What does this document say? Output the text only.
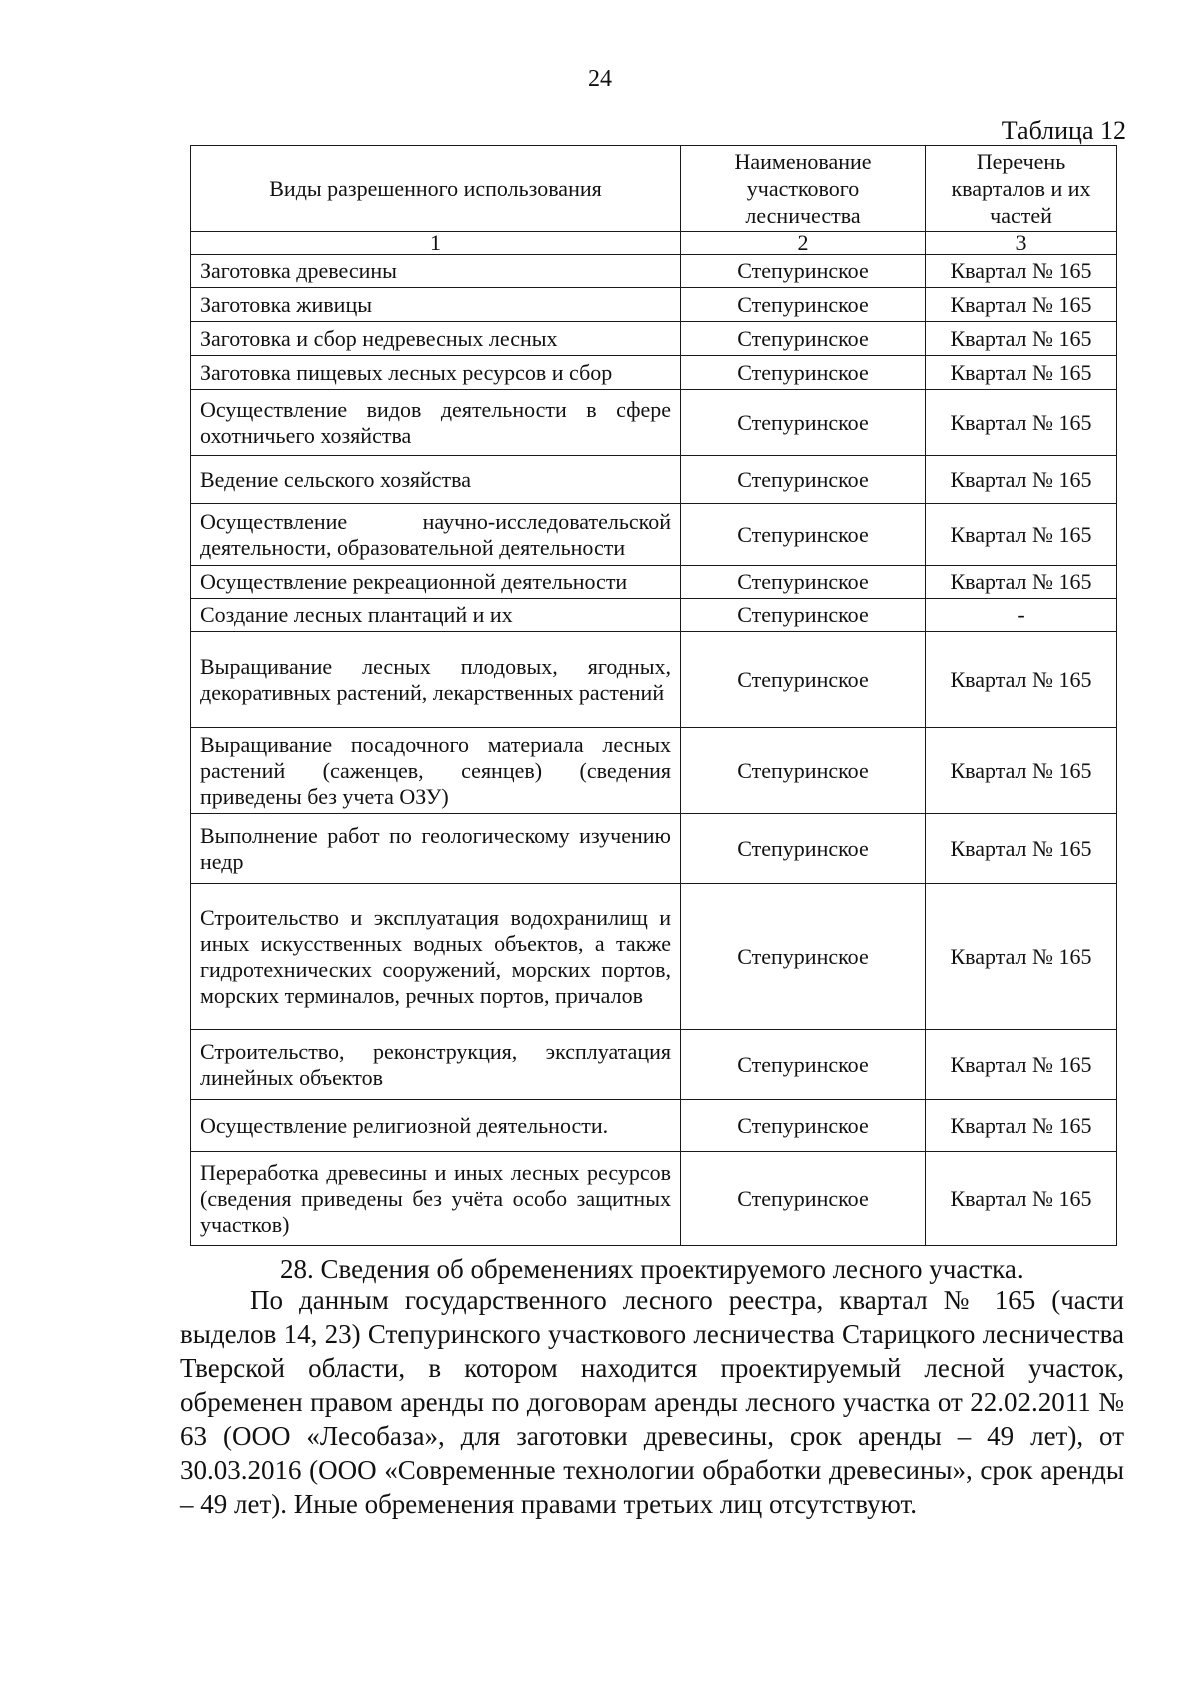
24
Таблица 12
Виды разрешенного использования	Наименование участкового лесничества	Перечень кварталов и их частей
1	2	3
Заготовка древесины	Степуринское	Квартал № 165
Заготовка живицы	Степуринское	Квартал № 165
Заготовка и сбор недревесных лесных	Степуринское	Квартал № 165
Заготовка пищевых лесных ресурсов и сбор	Степуринское	Квартал № 165
Осуществление видов деятельности в сфере охотничьего хозяйства	Степуринское	Квартал № 165
Ведение сельского хозяйства	Степуринское	Квартал № 165
Осуществление научно-исследовательской деятельности, образовательной деятельности	Степуринское	Квартал № 165
Осуществление рекреационной деятельности	Степуринское	Квартал № 165
Создание лесных плантаций и их	Степуринское	-
Выращивание лесных плодовых, ягодных, декоративных растений, лекарственных растений	Степуринское	Квартал № 165
Выращивание посадочного материала лесных растений (саженцев, сеянцев) (сведения приведены без учета ОЗУ)	Степуринское	Квартал № 165
Выполнение работ по геологическому изучению недр	Степуринское	Квартал № 165
Строительство и эксплуатация водохранилищ и иных искусственных водных объектов, а также гидротехнических сооружений, морских портов, морских терминалов, речных портов, причалов	Степуринское	Квартал № 165
Строительство, реконструкция, эксплуатация линейных объектов	Степуринское	Квартал № 165
Осуществление религиозной деятельности.	Степуринское	Квартал № 165
Переработка древесины и иных лесных ресурсов (сведения приведены без учёта особо защитных участков)	Степуринское	Квартал № 165
28. Сведения об обременениях проектируемого лесного участка.

По данным государственного лесного реестра, квартал № 165 (части выделов 14, 23) Степуринского участкового лесничества Старицкого лесничества Тверской области, в котором находится проектируемый лесной участок, обременен правом аренды по договорам аренды лесного участка от 22.02.2011 № 63 (ООО «Лесобаза», для заготовки древесины, срок аренды – 49 лет), от 30.03.2016 (ООО «Современные технологии обработки древесины», срок аренды – 49 лет). Иные обременения правами третьих лиц отсутствуют.
